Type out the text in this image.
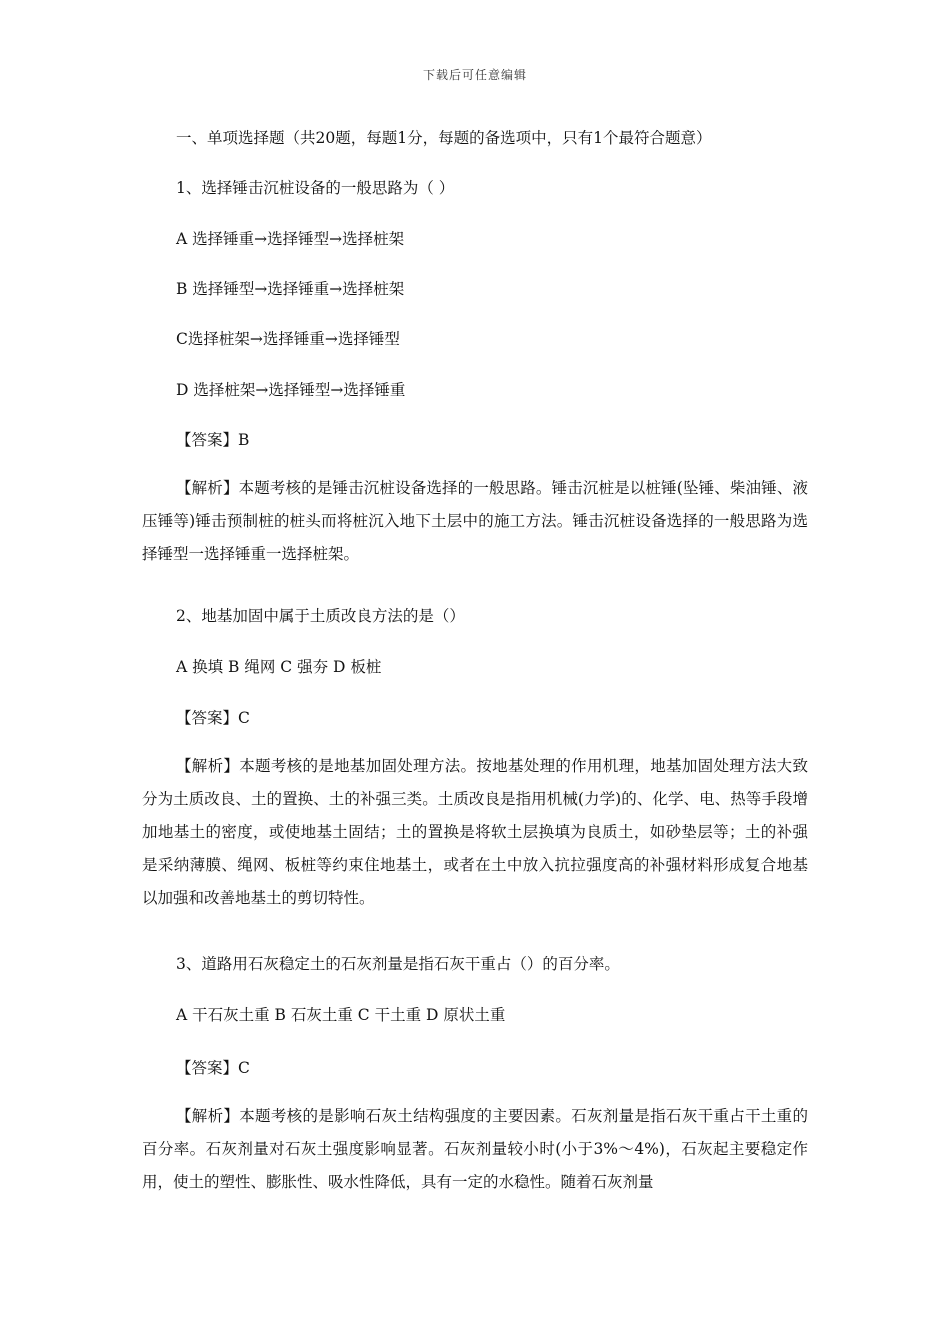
下载后可任意编辑
一、单项选择题（共20题，每题1分，每题的备选项中，只有1个最符合题意）
1、选择锤击沉桩设备的一般思路为（ ）
A 选择锤重→选择锤型→选择桩架
B 选择锤型→选择锤重→选择桩架
C选择桩架→选择锤重→选择锤型
D 选择桩架→选择锤型→选择锤重
【答案】B
【解析】本题考核的是锤击沉桩设备选择的一般思路。锤击沉桩是以桩锤(坠锤、柴油锤、液压锤等)锤击预制桩的桩头而将桩沉入地下土层中的施工方法。锤击沉桩设备选择的一般思路为选择锤型一选择锤重一选择桩架。
2、地基加固中属于土质改良方法的是（）
A 换填 B 绳网 C 强夯 D 板桩
【答案】C
【解析】本题考核的是地基加固处理方法。按地基处理的作用机理，地基加固处理方法大致分为土质改良、土的置换、土的补强三类。土质改良是指用机械(力学)的、化学、电、热等手段增加地基土的密度，或使地基土固结；土的置换是将软土层换填为良质土，如砂垫层等；土的补强是采纳薄膜、绳网、板桩等约束住地基土，或者在土中放入抗拉强度高的补强材料形成复合地基以加强和改善地基土的剪切特性。
3、道路用石灰稳定土的石灰剂量是指石灰干重占（）的百分率。
A 干石灰土重 B 石灰土重 C 干土重 D 原状土重
【答案】C
【解析】本题考核的是影响石灰土结构强度的主要因素。石灰剂量是指石灰干重占干土重的百分率。石灰剂量对石灰土强度影响显著。石灰剂量较小时(小于3%～4%)，石灰起主要稳定作用，使土的塑性、膨胀性、吸水性降低，具有一定的水稳性。随着石灰剂量
